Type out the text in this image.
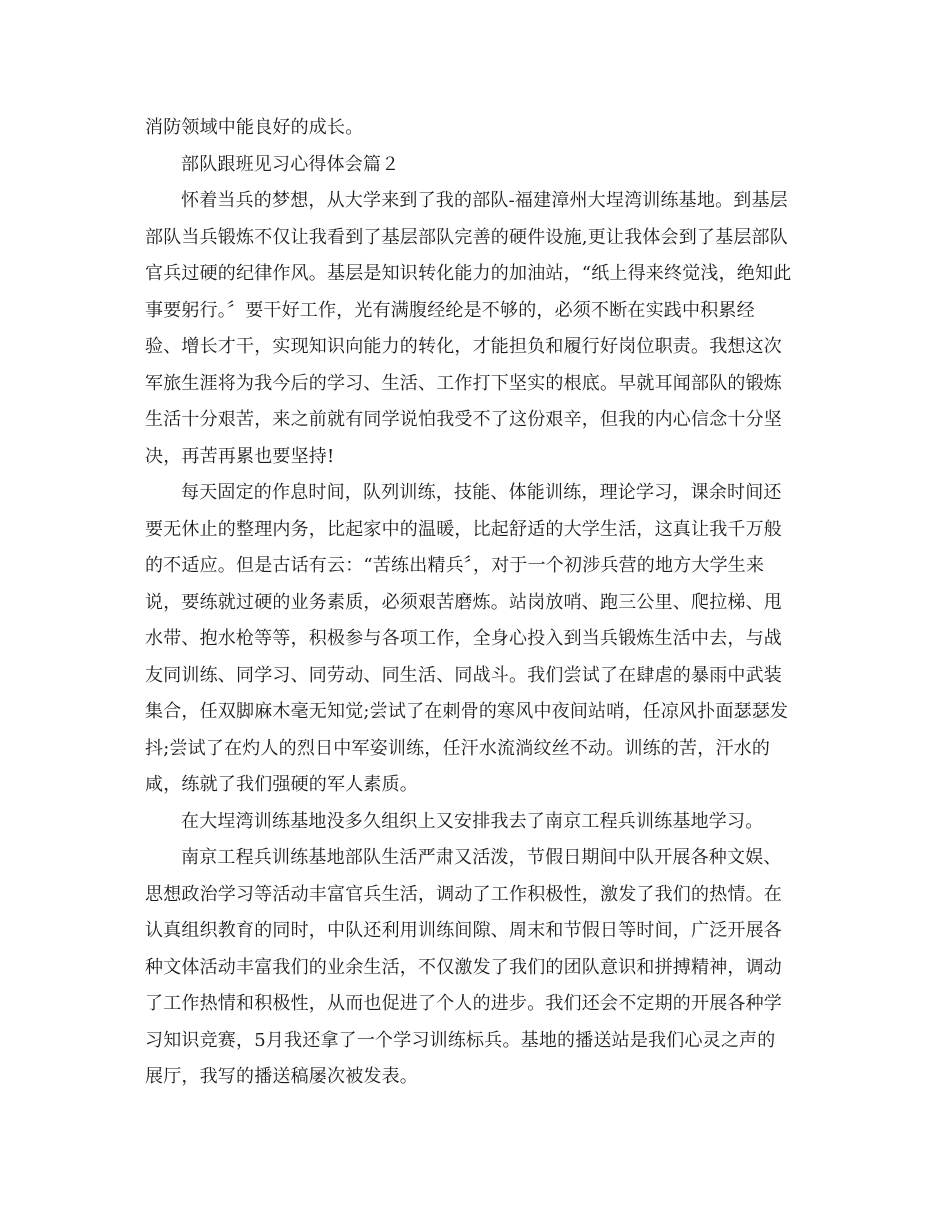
消防领域中能良好的成长。
部队跟班见习心得体会篇２
怀着当兵的梦想，从大学来到了我的部队-福建漳州大埕湾训练基地。到基层
部队当兵锻炼不仅让我看到了基层部队完善的硬件设施,更让我体会到了基层部队
官兵过硬的纪律作风。基层是知识转化能力的加油站，“纸上得来终觉浅，绝知此
事要躬行。〞要干好工作，光有满腹经纶是不够的，必须不断在实践中积累经
验、增长才干，实现知识向能力的转化，才能担负和履行好岗位职责。我想这次
军旅生涯将为我今后的学习、生活、工作打下坚实的根底。早就耳闻部队的锻炼
生活十分艰苦，来之前就有同学说怕我受不了这份艰辛，但我的内心信念十分坚
决，再苦再累也要坚持!
每天固定的作息时间，队列训练，技能、体能训练，理论学习，课余时间还
要无休止的整理内务，比起家中的温暖，比起舒适的大学生活，这真让我千万般
的不适应。但是古话有云：“苦练出精兵〞，对于一个初涉兵营的地方大学生来
说，要练就过硬的业务素质，必须艰苦磨炼。站岗放哨、跑三公里、爬拉梯、甩
水带、抱水枪等等，积极参与各项工作，全身心投入到当兵锻炼生活中去，与战
友同训练、同学习、同劳动、同生活、同战斗。我们尝试了在肆虐的暴雨中武装
集合，任双脚麻木毫无知觉;尝试了在刺骨的寒风中夜间站哨，任凉风扑面瑟瑟发
抖;尝试了在灼人的烈日中军姿训练，任汗水流淌纹丝不动。训练的苦，汗水的
咸，练就了我们强硬的军人素质。
在大埕湾训练基地没多久组织上又安排我去了南京工程兵训练基地学习。
南京工程兵训练基地部队生活严肃又活泼，节假日期间中队开展各种文娱、
思想政治学习等活动丰富官兵生活，调动了工作积极性，激发了我们的热情。在
认真组织教育的同时，中队还利用训练间隙、周末和节假日等时间，广泛开展各
种文体活动丰富我们的业余生活，不仅激发了我们的团队意识和拼搏精神，调动
了工作热情和积极性，从而也促进了个人的进步。我们还会不定期的开展各种学
习知识竞赛，5月我还拿了一个学习训练标兵。基地的播送站是我们心灵之声的
展厅，我写的播送稿屡次被发表。
